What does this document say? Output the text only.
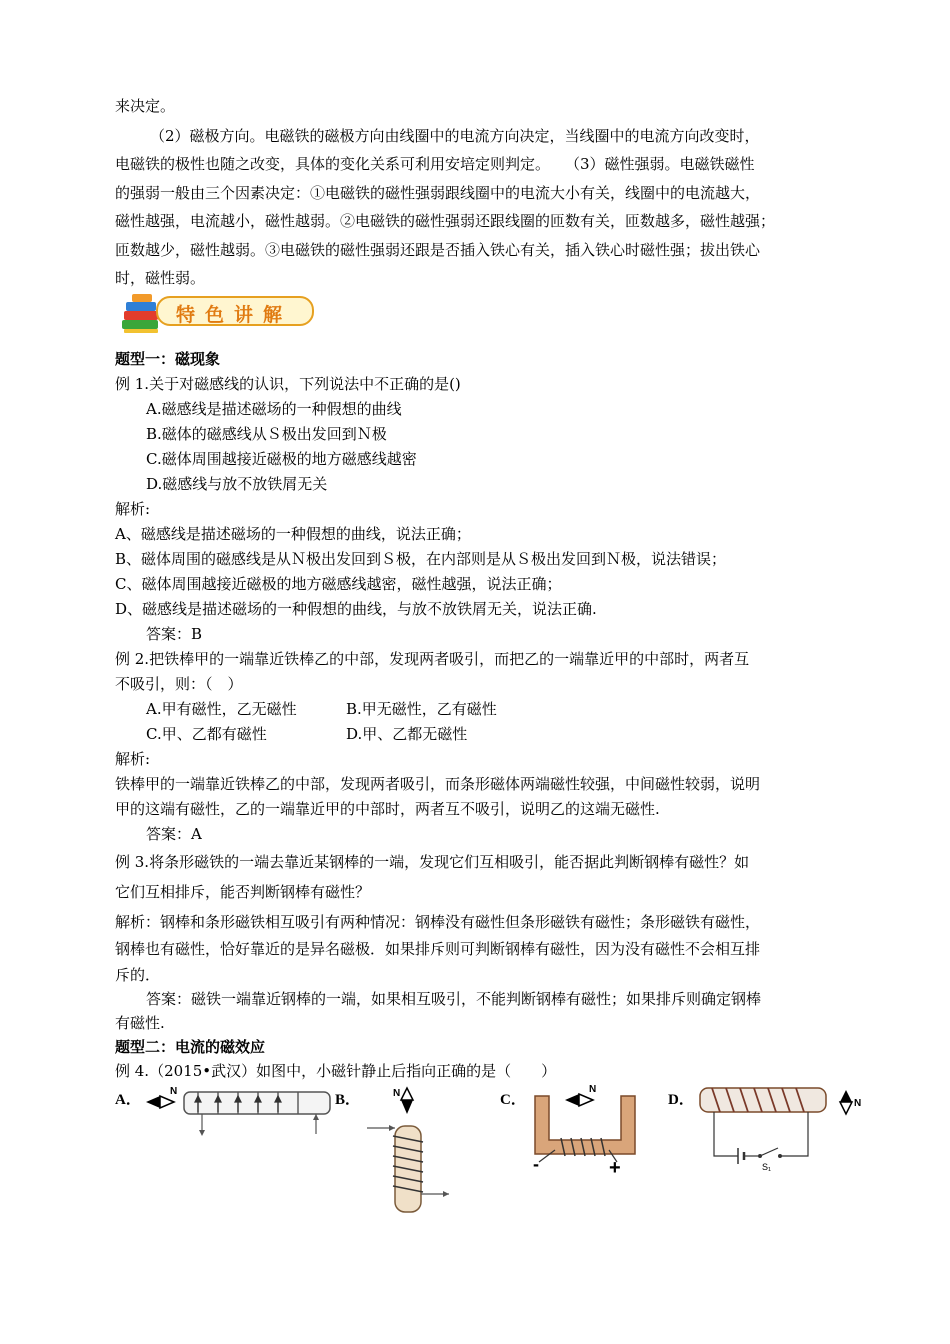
来决定。
（2）磁极方向。电磁铁的磁极方向由线圈中的电流方向决定，当线圈中的电流方向改变时，
电磁铁的极性也随之改变，具体的变化关系可利用安培定则判定。　　（3）磁性强弱。电磁铁磁性
的强弱一般由三个因素决定：①电磁铁的磁性强弱跟线圈中的电流大小有关，线圈中的电流越大，
磁性越强，电流越小，磁性越弱。②电磁铁的磁性强弱还跟线圈的匝数有关，匝数越多，磁性越强；
匝数越少，磁性越弱。③电磁铁的磁性强弱还跟是否插入铁心有关，插入铁心时磁性强；拔出铁心
时，磁性弱。
特色讲解
题型一：磁现象
例 1.关于对磁感线的认识，下列说法中不正确的是()
A.磁感线是描述磁场的一种假想的曲线
B.磁体的磁感线从Ｓ极出发回到Ｎ极
C.磁体周围越接近磁极的地方磁感线越密
D.磁感线与放不放铁屑无关
解析:
A、磁感线是描述磁场的一种假想的曲线，说法正确；
B、磁体周围的磁感线是从Ｎ极出发回到Ｓ极，在内部则是从Ｓ极出发回到Ｎ极，说法错误；
C、磁体周围越接近磁极的地方磁感线越密，磁性越强，说法正确；
D、磁感线是描述磁场的一种假想的曲线，与放不放铁屑无关，说法正确.
答案：B
例 2.把铁棒甲的一端靠近铁棒乙的中部，发现两者吸引，而把乙的一端靠近甲的中部时，两者互
不吸引，则：（　）
A.甲有磁性，乙无磁性	B.甲无磁性，乙有磁性
C.甲、乙都有磁性	D.甲、乙都无磁性
解析:
铁棒甲的一端靠近铁棒乙的中部，发现两者吸引，而条形磁体两端磁性较强，中间磁性较弱，说明
甲的这端有磁性，乙的一端靠近甲的中部时，两者互不吸引，说明乙的这端无磁性.
答案：A
例 3.将条形磁铁的一端去靠近某钢棒的一端，发现它们互相吸引，能否据此判断钢棒有磁性？如
它们互相排斥，能否判断钢棒有磁性？
解析：钢棒和条形磁铁相互吸引有两种情况：钢棒没有磁性但条形磁铁有磁性；条形磁铁有磁性，
钢棒也有磁性，恰好靠近的是异名磁极．如果排斥则可判断钢棒有磁性，因为没有磁性不会相互排
斥的．
答案：磁铁一端靠近钢棒的一端，如果相互吸引，不能判断钢棒有磁性；如果排斥则确定钢棒
有磁性.
题型二：电流的磁效应
例 4.（2015•武汉）如图中，小磁针静止后指向正确的是（　　）
A．	B．	C．	D．
N	N	N
-	+	S₁
N
